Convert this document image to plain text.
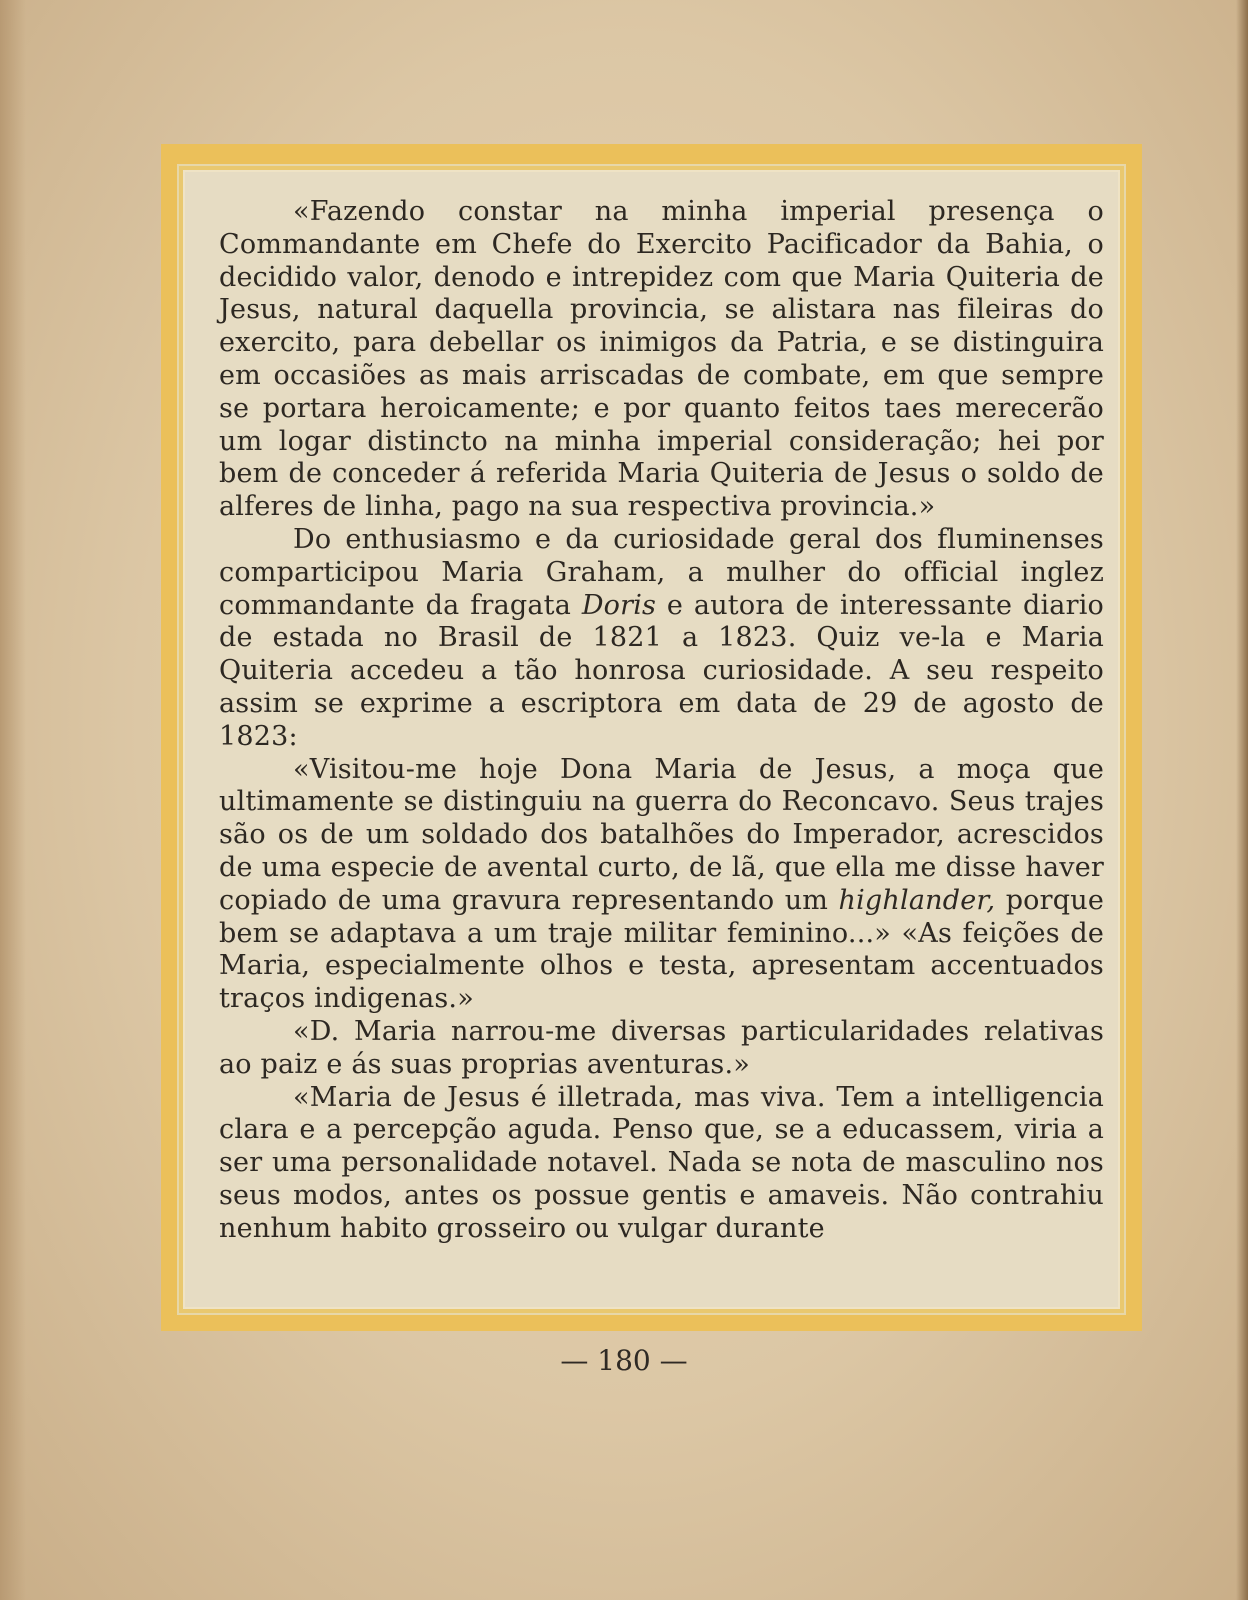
«Fazendo constar na minha imperial presença o Commandante em Chefe do Exercito Pacificador da Bahia, o decidido valor, denodo e intrepidez com que Maria Quiteria de Jesus, natural daquella provincia, se alistara nas fileiras do exercito, para debellar os inimigos da Patria, e se distinguira em occasiões as mais arriscadas de combate, em que sempre se portara heroicamente; e por quanto feitos taes merecerão um logar distincto na minha imperial consideração; hei por bem de conceder á referida Maria Quiteria de Jesus o soldo de alferes de linha, pago na sua respectiva provincia.»

Do enthusiasmo e da curiosidade geral dos fluminenses comparticipou Maria Graham, a mulher do official inglez commandante da fragata Doris e autora de interessante diario de estada no Brasil de 1821 a 1823. Quiz ve-la e Maria Quiteria accedeu a tão honrosa curiosidade. A seu respeito assim se exprime a escriptora em data de 29 de agosto de 1823:

«Visitou-me hoje Dona Maria de Jesus, a moça que ultimamente se distinguiu na guerra do Reconcavo. Seus trajes são os de um soldado dos batalhões do Imperador, acrescidos de uma especie de avental curto, de lã, que ella me disse haver copiado de uma gravura representando um highlander, porque bem se adaptava a um traje militar feminino...» «As feições de Maria, especialmente olhos e testa, apresentam accentuados traços indigenas.»

«D. Maria narrou-me diversas particularidades relativas ao paiz e ás suas proprias aventuras.»

«Maria de Jesus é illetrada, mas viva. Tem a intelligencia clara e a percepção aguda. Penso que, se a educassem, viria a ser uma personalidade notavel. Nada se nota de masculino nos seus modos, antes os possue gentis e amaveis. Não contrahiu nenhum habito grosseiro ou vulgar durante

— 180 —
